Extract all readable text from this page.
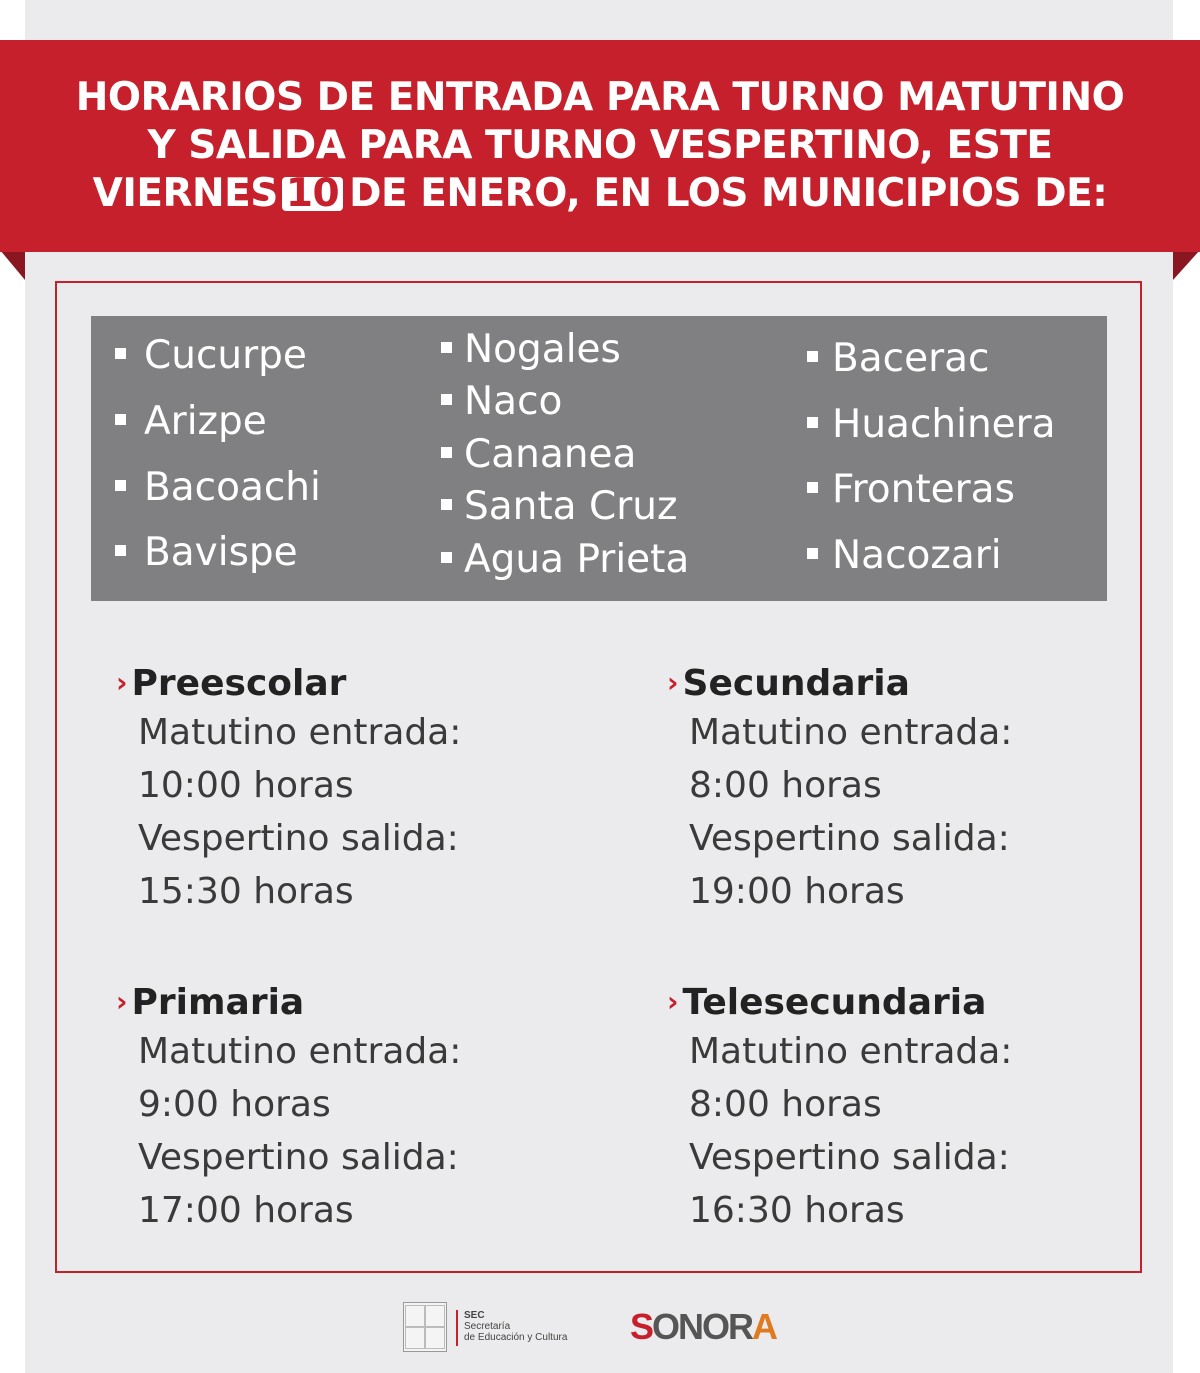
HORARIOS DE ENTRADA PARA TURNO MATUTINO
Y SALIDA PARA TURNO VESPERTINO, ESTE
VIERNES 10 DE ENERO, EN LOS MUNICIPIOS DE:
Cucurpe
Arizpe
Bacoachi
Bavispe
Nogales
Naco
Cananea
Santa Cruz
Agua Prieta
Bacerac
Huachinera
Fronteras
Nacozari
› Preescolar
Matutino entrada:
10:00 horas
Vespertino salida:
15:30 horas
› Secundaria
Matutino entrada:
8:00 horas
Vespertino salida:
19:00 horas
› Primaria
Matutino entrada:
9:00 horas
Vespertino salida:
17:00 horas
› Telesecundaria
Matutino entrada:
8:00 horas
Vespertino salida:
16:30 horas
SEC
Secretaría
de Educación y Cultura SONORA
